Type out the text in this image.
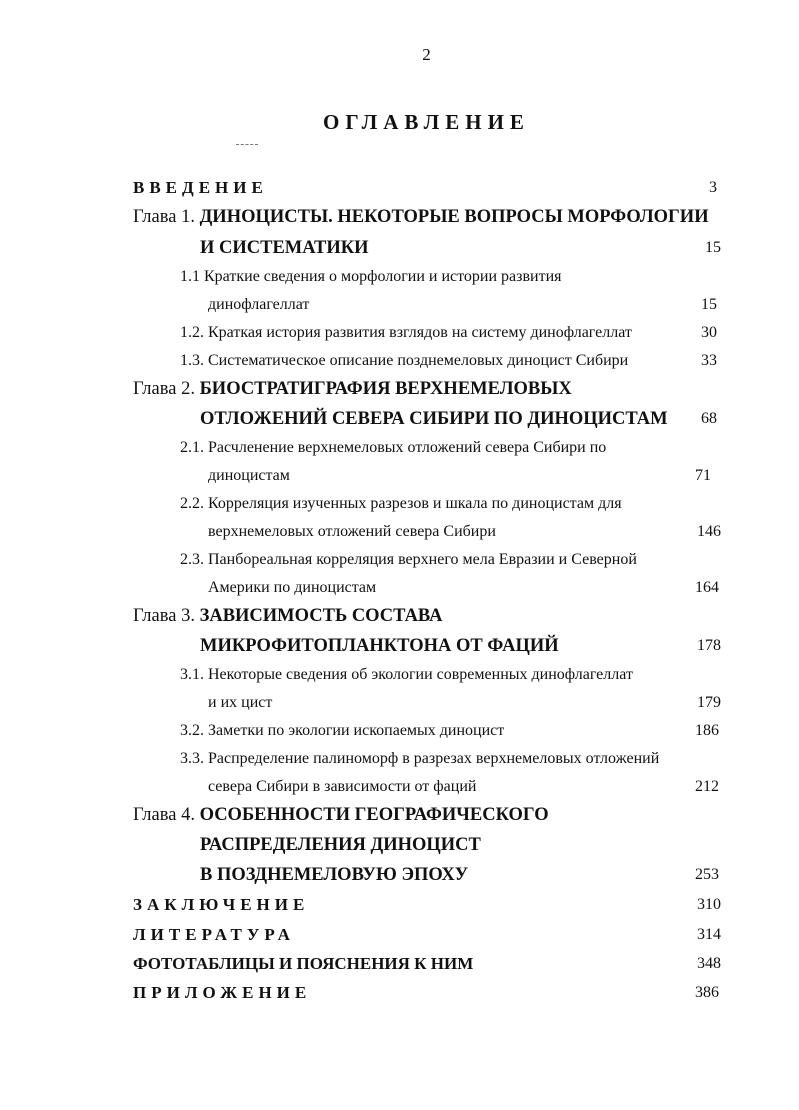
2
ОГЛАВЛЕНИЕ
ВВЕДЕНИЕ	3
Глава 1. ДИНОЦИСТЫ. НЕКОТОРЫЕ ВОПРОСЫ МОРФОЛОГИИ
И СИСТЕМАТИКИ	15
1.1 Краткие сведения о морфологии и истории развития
динофлагеллат	15
1.2. Краткая история развития взглядов на систему динофлагеллат	30
1.3. Систематическое описание позднемеловых диноцист Сибири	33
Глава 2. БИОСТРАТИГРАФИЯ ВЕРХНЕМЕЛОВЫХ
ОТЛОЖЕНИЙ СЕВЕРА СИБИРИ ПО ДИНОЦИСТАМ 68
2.1. Расчленение верхнемеловых отложений севера Сибири по
диноцистам	71
2.2. Корреляция изученных разрезов и шкала по диноцистам для
верхнемеловых отложений севера Сибири	146
2.3. Панбореальная корреляция верхнего мела Евразии и Северной
Америки по диноцистам	164
Глава 3. ЗАВИСИМОСТЬ СОСТАВА
МИКРОФИТОПЛАНКТОНА ОТ ФАЦИЙ	178
3.1. Некоторые сведения об экологии современных динофлагеллат
и их цист	179
3.2. Заметки по экологии ископаемых диноцист	186
3.3. Распределение палиноморф в разрезах верхнемеловых отложений
севера Сибири в зависимости от фаций	212
Глава 4. ОСОБЕННОСТИ ГЕОГРАФИЧЕСКОГО
РАСПРЕДЕЛЕНИЯ ДИНОЦИСТ
В ПОЗДНЕМЕЛОВУЮ ЭПОХУ	253
ЗАКЛЮЧЕНИЕ	310
ЛИТЕРАТУРА	314
ФОТОТАБЛИЦЫ И ПОЯСНЕНИЯ К НИМ	348
ПРИЛОЖЕНИЕ	386
